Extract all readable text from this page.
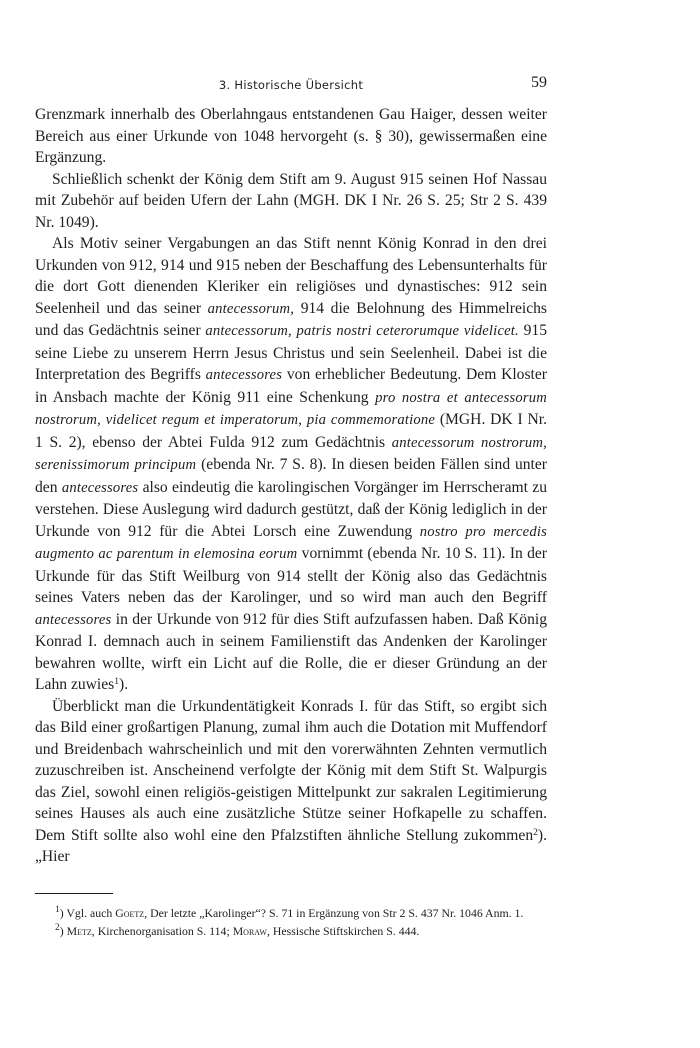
3. Historische Übersicht	59

Grenzmark innerhalb des Oberlahngaus entstandenen Gau Haiger, dessen weiter Bereich aus einer Urkunde von 1048 hervorgeht (s. § 30), gewissermaßen eine Ergänzung.

Schließlich schenkt der König dem Stift am 9. August 915 seinen Hof Nassau mit Zubehör auf beiden Ufern der Lahn (MGH. DK I Nr. 26 S. 25; Str 2 S. 439 Nr. 1049).

Als Motiv seiner Vergabungen an das Stift nennt König Konrad in den drei Urkunden von 912, 914 und 915 neben der Beschaffung des Lebensunterhalts für die dort Gott dienenden Kleriker ein religiöses und dynastisches: 912 sein Seelenheil und das seiner antecessorum, 914 die Belohnung des Himmelreichs und das Gedächtnis seiner antecessorum, patris nostri ceterorumque videlicet. 915 seine Liebe zu unserem Herrn Jesus Christus und sein Seelenheil. Dabei ist die Interpretation des Begriffs antecessores von erheblicher Bedeutung. Dem Kloster in Ansbach machte der König 911 eine Schenkung pro nostra et antecessorum nostrorum, videlicet regum et imperatorum, pia commemoratione (MGH. DK I Nr. 1 S. 2), ebenso der Abtei Fulda 912 zum Gedächtnis antecessorum nostrorum, serenissimorum principum (ebenda Nr. 7 S. 8). In diesen beiden Fällen sind unter den antecessores also eindeutig die karolingischen Vorgänger im Herrscheramt zu verstehen. Diese Auslegung wird dadurch gestützt, daß der König lediglich in der Urkunde von 912 für die Abtei Lorsch eine Zuwendung nostro pro mercedis augmento ac parentum in elemosina eorum vornimmt (ebenda Nr. 10 S. 11). In der Urkunde für das Stift Weilburg von 914 stellt der König also das Gedächtnis seines Vaters neben das der Karolinger, und so wird man auch den Begriff antecessores in der Urkunde von 912 für dies Stift aufzufassen haben. Daß König Konrad I. demnach auch in seinem Familienstift das Andenken der Karolinger bewahren wollte, wirft ein Licht auf die Rolle, die er dieser Gründung an der Lahn zuwies$^1$).

Überblickt man die Urkundentätigkeit Konrads I. für das Stift, so ergibt sich das Bild einer großartigen Planung, zumal ihm auch die Dotation mit Muffendorf und Breidenbach wahrscheinlich und mit den vorerwähnten Zehnten vermutlich zuzuschreiben ist. Anscheinend verfolgte der König mit dem Stift St. Walpurgis das Ziel, sowohl einen religiös-geistigen Mittelpunkt zur sakralen Legitimierung seines Hauses als auch eine zusätzliche Stütze seiner Hofkapelle zu schaffen. Dem Stift sollte also wohl eine den Pfalzstiften ähnliche Stellung zukommen$^2$). „Hier

$^1$) Vgl. auch Goetz, Der letzte „Karolinger“? S. 71 in Ergänzung von Str 2 S. 437 Nr. 1046 Anm. 1.

$^2$) Metz, Kirchenorganisation S. 114; Moraw, Hessische Stiftskirchen S. 444.
